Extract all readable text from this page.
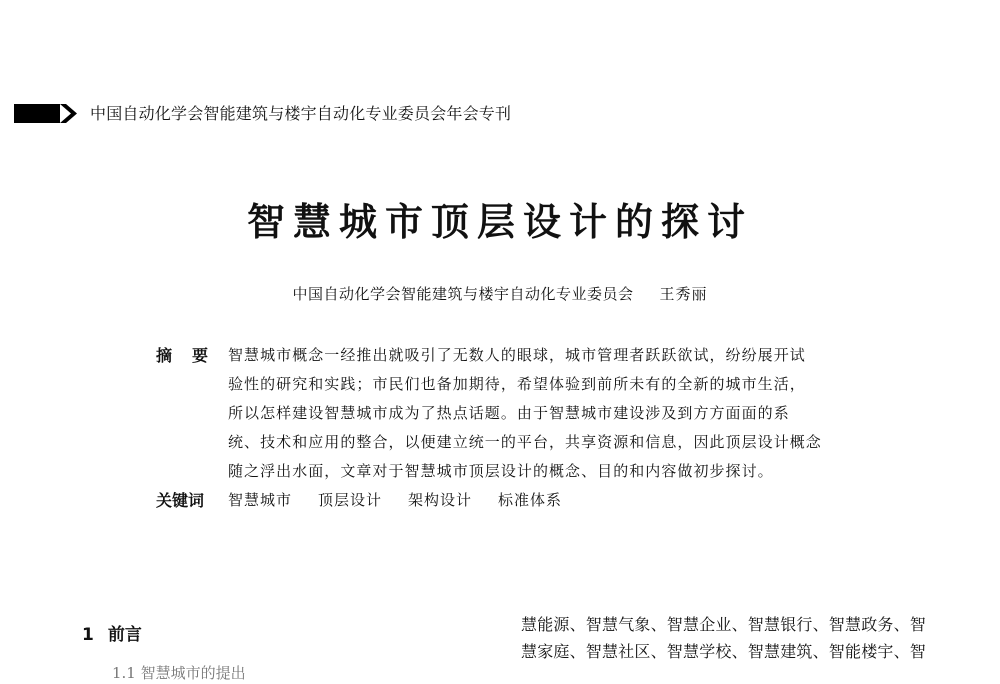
中国自动化学会智能建筑与楼宇自动化专业委员会年会专刊
智慧城市顶层设计的探讨
中国自动化学会智能建筑与楼宇自动化专业委员会 王秀丽
摘要 智慧城市概念一经推出就吸引了无数人的眼球，城市管理者跃跃欲试，纷纷展开试
验性的研究和实践；市民们也备加期待，希望体验到前所未有的全新的城市生活，
所以怎样建设智慧城市成为了热点话题。由于智慧城市建设涉及到方方面面的系
统、技术和应用的整合，以便建立统一的平台，共享资源和信息，因此顶层设计概念
随之浮出水面，文章对于智慧城市顶层设计的概念、目的和内容做初步探讨。
关键词	智慧城市 顶层设计 架构设计 标准体系
1 前言
1.1 智慧城市的提出
慧能源、智慧气象、智慧企业、智慧银行、智慧政务、智
慧家庭、智慧社区、智慧学校、智慧建筑、智能楼宇、智
